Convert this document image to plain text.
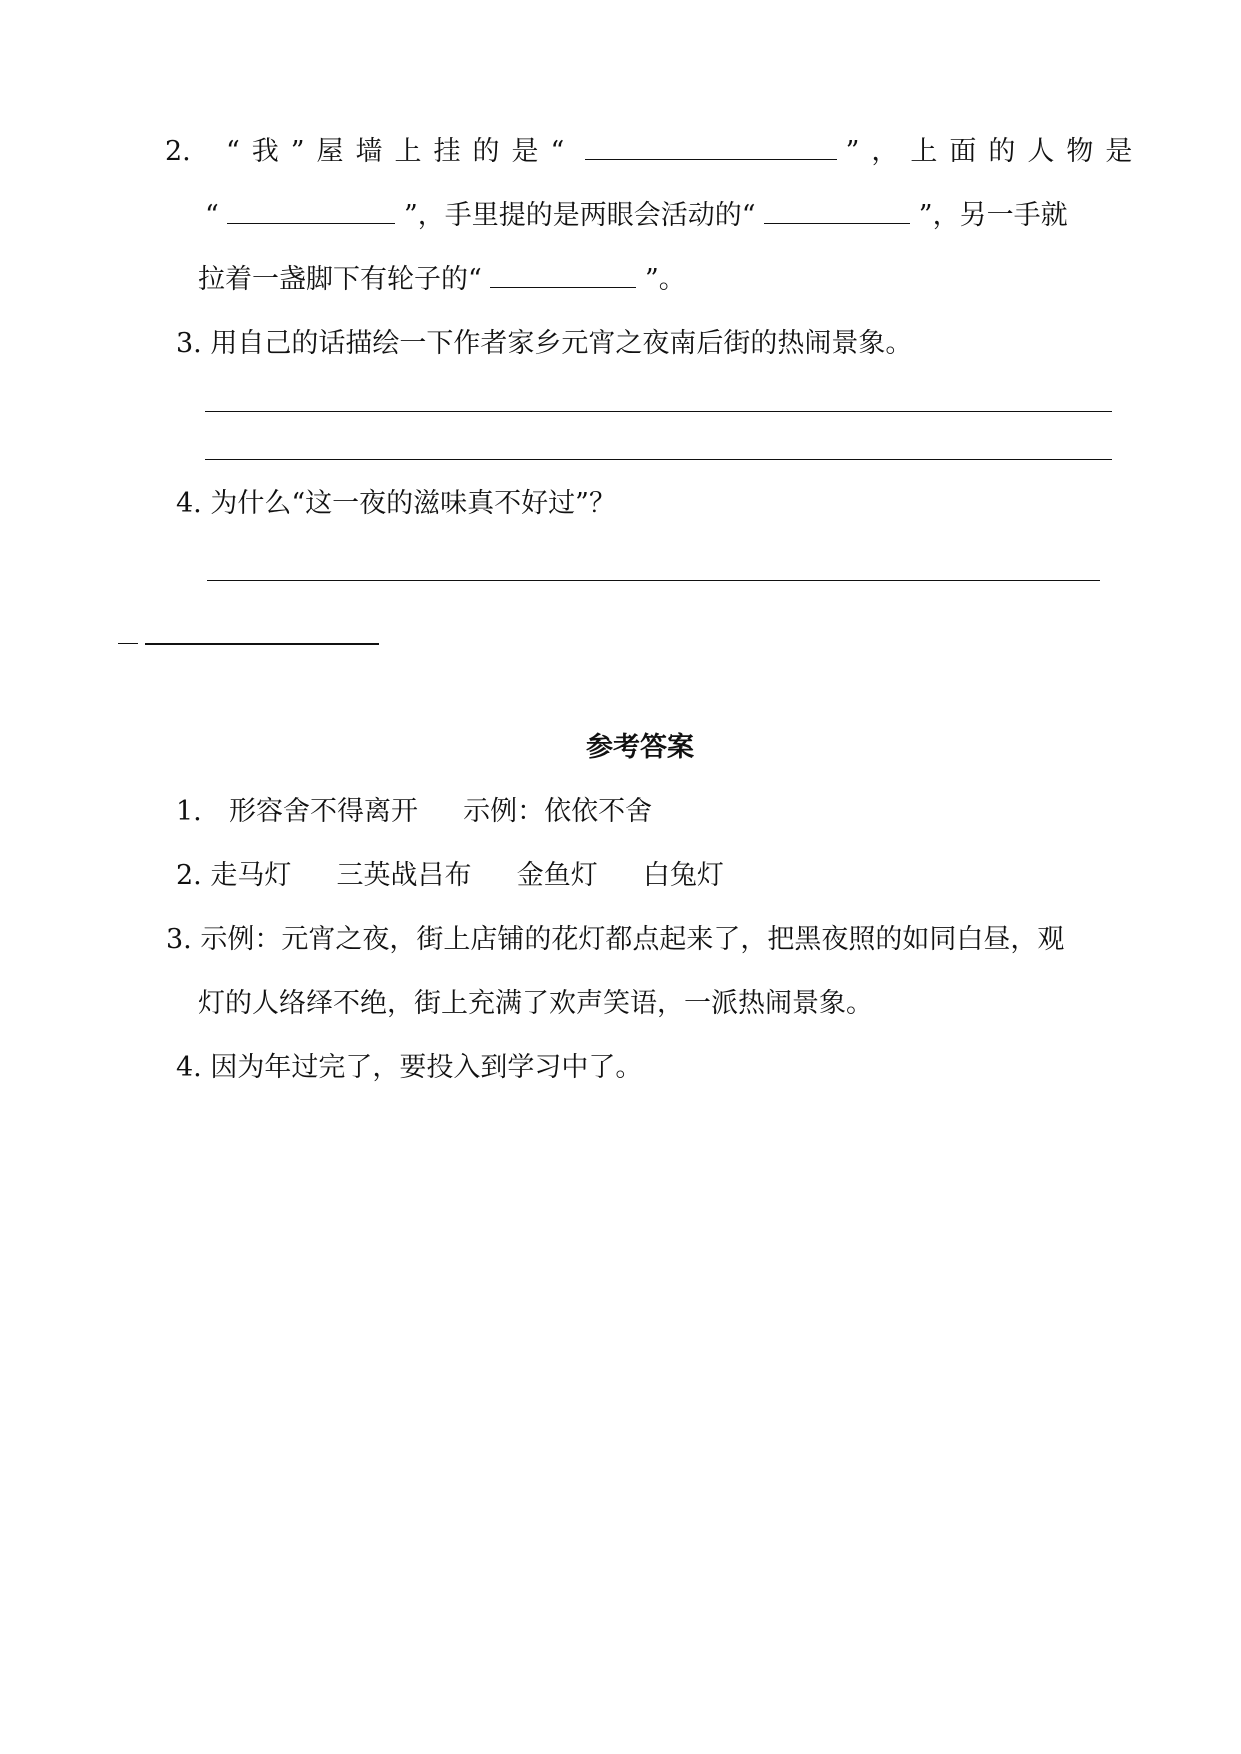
2. “我”屋墙上挂的是“	”，上面的人物是
“	”，手里提的是两眼会活动的“	”，另一手就
拉着一盏脚下有轮子的“	”。
3. 用自己的话描绘一下作者家乡元宵之夜南后街的热闹景象。
4. 为什么“这一夜的滋味真不好过”？
参考答案
1. 形容舍不得离开 示例：依依不舍
2. 走马灯 三英战吕布 金鱼灯 白兔灯
3. 示例：元宵之夜，街上店铺的花灯都点起来了，把黑夜照的如同白昼，观
灯的人络绎不绝，街上充满了欢声笑语，一派热闹景象。
4. 因为年过完了，要投入到学习中了。
